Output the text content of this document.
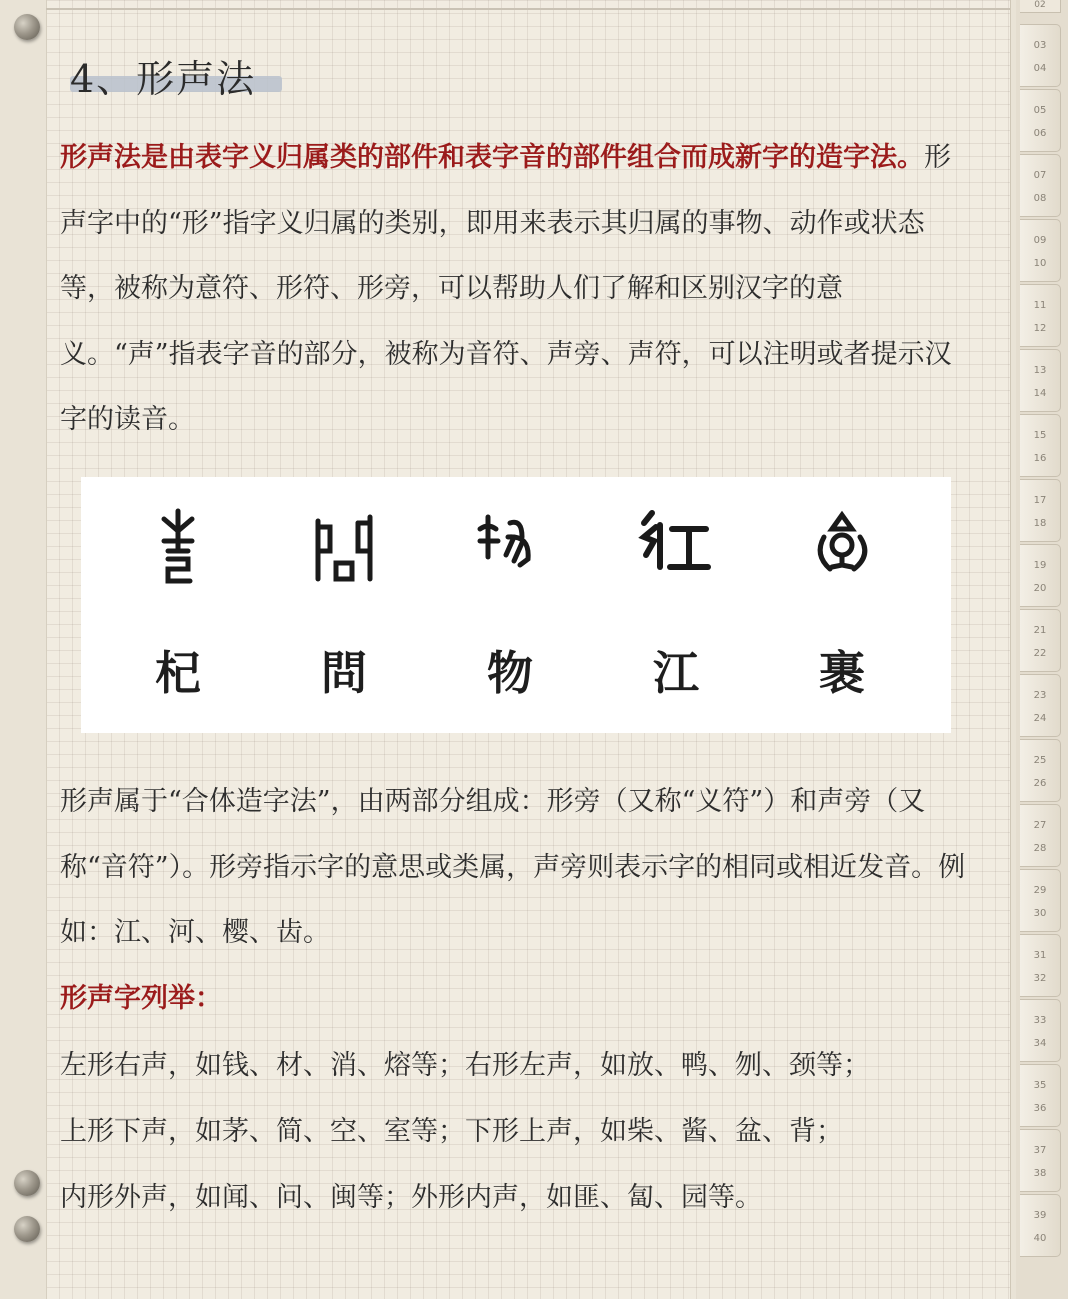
02
03
04
05
06
07
08
09
10
11
12
13
14
15
16
17
18
19
20
21
22
23
24
25
26
27
28
29
30
31
32
33
34
35
36
37
38
39
40
4、形声法
形声法是由表字义归属类的部件和表字音的部件组合而成新字的造字法。形声字中的“形”指字义归属的类别，即用来表示其归属的事物、动作或状态等，被称为意符、形符、形旁，可以帮助人们了解和区别汉字的意义。“声”指表字音的部分，被称为音符、声旁、声符，可以注明或者提示汉字的读音。
杞	問	物	江	裹
形声属于“合体造字法”，由两部分组成：形旁（又称“义符”）和声旁（又称“音符”）。形旁指示字的意思或类属，声旁则表示字的相同或相近发音。例如：江、河、樱、齿。
形声字列举：
左形右声，如钱、材、消、熔等；右形左声，如放、鸭、刎、颈等；
上形下声，如茅、简、空、室等；下形上声，如柴、酱、盆、背；
内形外声，如闻、问、闽等；外形内声，如匪、匐、园等。
